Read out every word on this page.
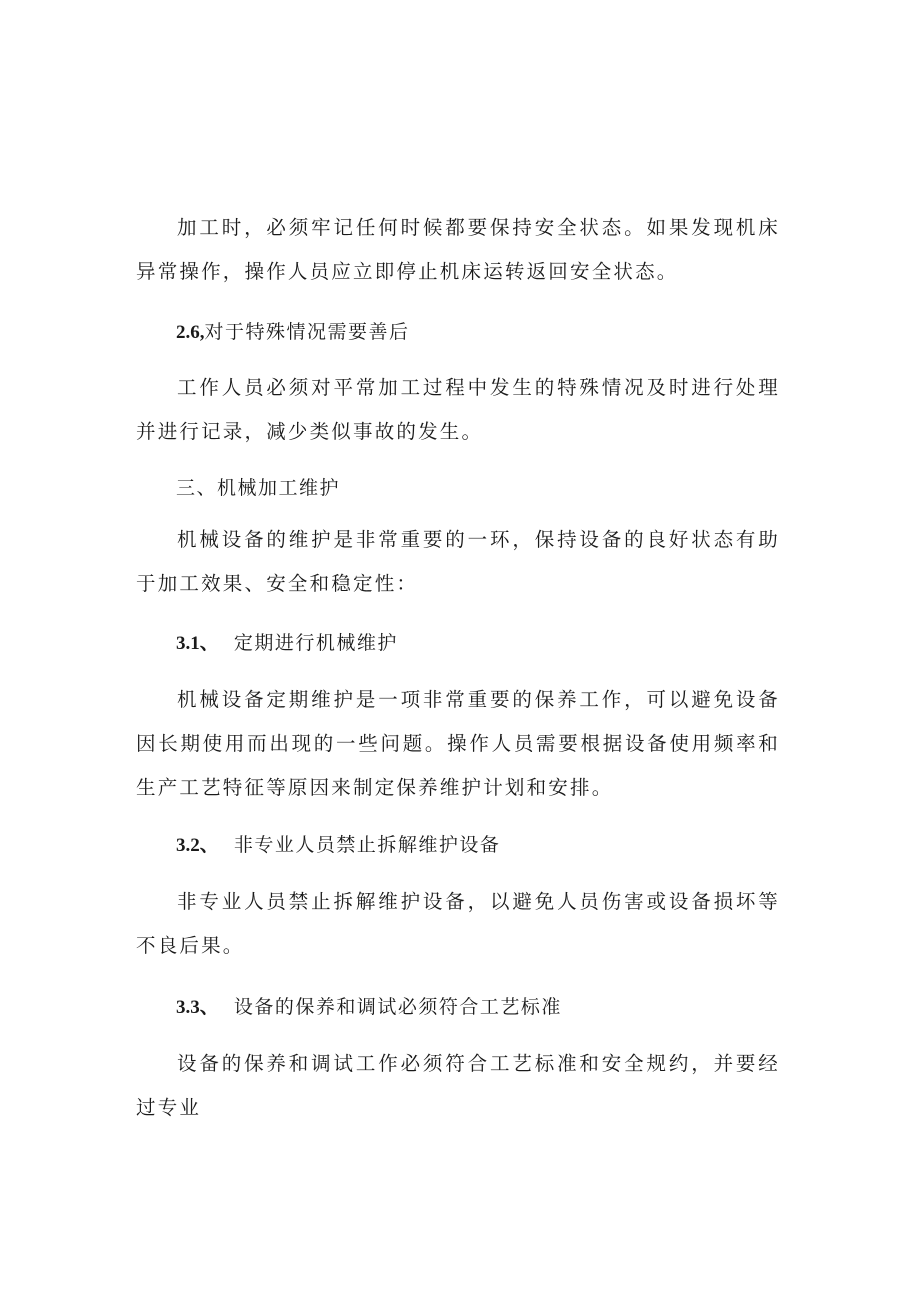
加工时，必须牢记任何时候都要保持安全状态。如果发现机床异常操作，操作人员应立即停止机床运转返回安全状态。

2.6,对于特殊情况需要善后

工作人员必须对平常加工过程中发生的特殊情况及时进行处理并进行记录，减少类似事故的发生。

三、机械加工维护

机械设备的维护是非常重要的一环，保持设备的良好状态有助于加工效果、安全和稳定性：

3.1、 定期进行机械维护

机械设备定期维护是一项非常重要的保养工作，可以避免设备因长期使用而出现的一些问题。操作人员需要根据设备使用频率和生产工艺特征等原因来制定保养维护计划和安排。

3.2、 非专业人员禁止拆解维护设备

非专业人员禁止拆解维护设备，以避免人员伤害或设备损坏等不良后果。

3.3、 设备的保养和调试必须符合工艺标准

设备的保养和调试工作必须符合工艺标准和安全规约，并要经过专业
